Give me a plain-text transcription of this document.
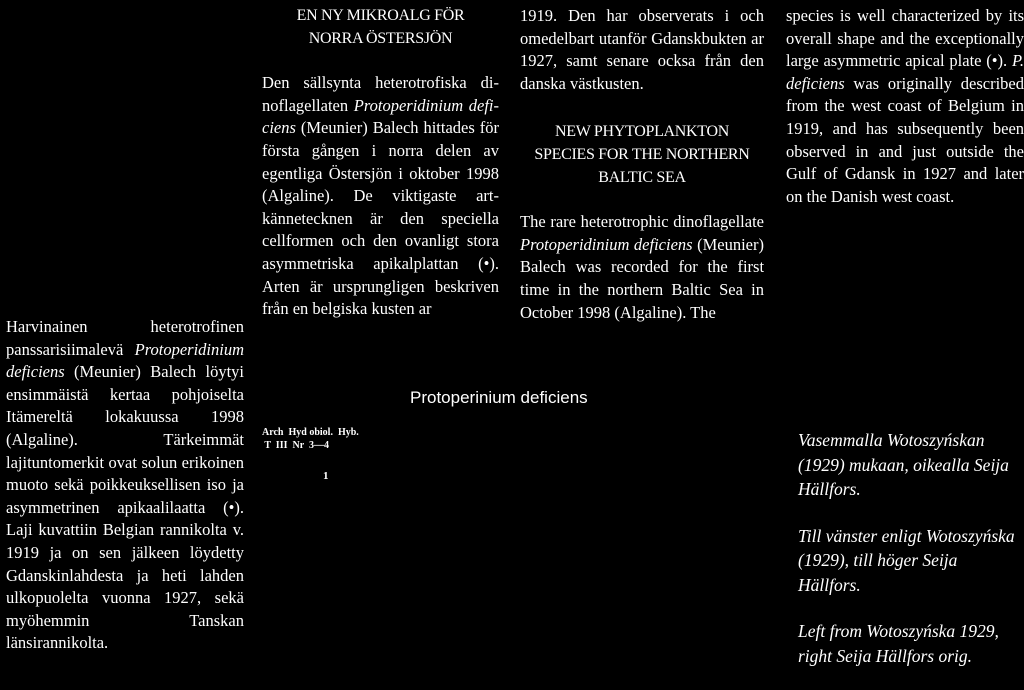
Harvinainen heterotrofinen panssarisiimalevä Protoperidinium deficiens (Meunier) Balech löytyi ensimmäistä kertaa pohjoiselta Itämereltä lokakuussa 1998 (Algaline). Tärkeimmät lajituntomerkit ovat solun erikoinen muoto sekä poikkeuksellisen iso ja asymmetrinen apikaalilaatta (•). Laji kuvattiin Belgian rannikolta v. 1919 ja on sen jälkeen löydetty Gdanskinlahdesta ja heti lahden ulkopuolelta vuonna 1927, sekä myöhemmin Tanskan länsirannikolta.

EN NY MIKROALG FÖR
NORRA ÖSTERSJÖN

Den sällsynta heterotrofiska dinoflagellaten Protoperidinium deficiens (Meunier) Balech hittades för första gången i norra delen av egentliga Östersjön i oktober 1998 (Algaline). De viktigaste artkännetecknen är den speciella cellformen och den ovanligt stora asymmetriska apikalplattan (•). Arten är ursprungligen beskriven från en belgiska kusten ar

1919. Den har observerats i och omedelbart utanför Gdanskbukten ar 1927, samt senare ocksa från den danska västkusten.

NEW PHYTOPLANKTON
SPECIES FOR THE NORTHERN
BALTIC SEA

The rare heterotrophic dinoflagellate Protoperidinium deficiens (Meunier) Balech was recorded for the first time in the northern Baltic Sea in October 1998 (Algaline). The

species is well characterized by its overall shape and the exceptionally large asymmetric apical plate (•). P. deficiens was originally described from the west coast of Belgium in 1919, and has subsequently been observed in and just outside the Gulf of Gdansk in 1927 and later on the Danish west coast.

Protoperinium deficiens
Arch  Hyd obiol.  Hyb.
T  III  Nr  3—4
1

Vasemmalla Wotoszyńskan (1929) mukaan, oikealla Seija Hällfors.

Till vänster enligt Wotoszyńska (1929), till höger Seija Hällfors.

Left from Wotoszyńska 1929, right Seija Hällfors orig.
